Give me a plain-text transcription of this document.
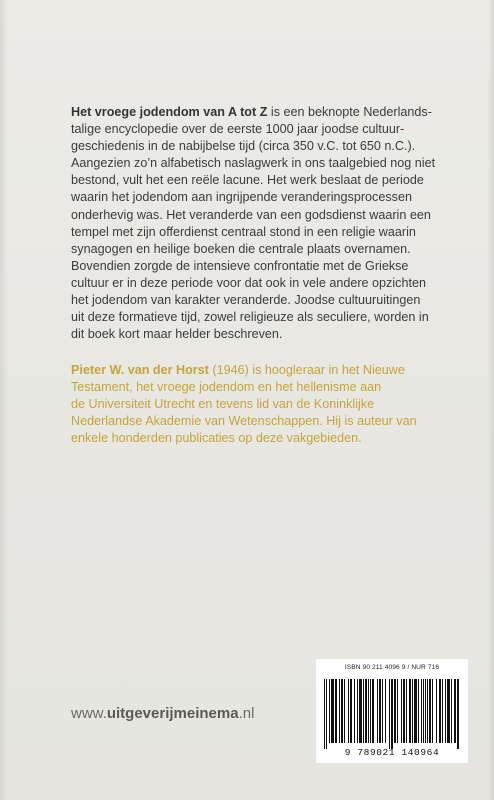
Het vroege jodendom van A tot Z is een beknopte Nederlands-
talige encyclopedie over de eerste 1000 jaar joodse cultuur-
geschiedenis in de nabijbelse tijd (circa 350 v.C. tot 650 n.C.).
Aangezien zo’n alfabetisch naslagwerk in ons taalgebied nog niet
bestond, vult het een reële lacune. Het werk beslaat de periode
waarin het jodendom aan ingrijpende veranderingsprocessen
onderhevig was. Het veranderde van een godsdienst waarin een
tempel met zijn offerdienst centraal stond in een religie waarin
synagogen en heilige boeken die centrale plaats overnamen.
Bovendien zorgde de intensieve confrontatie met de Griekse
cultuur er in deze periode voor dat ook in vele andere opzichten
het jodendom van karakter veranderde. Joodse cultuuruitingen
uit deze formatieve tijd, zowel religieuze als seculiere, worden in
dit boek kort maar helder beschreven.

Pieter W. van der Horst (1946) is hoogleraar in het Nieuwe
Testament, het vroege jodendom en het hellenisme aan
de Universiteit Utrecht en tevens lid van de Koninklijke
Nederlandse Akademie van Wetenschappen. Hij is auteur van
enkele honderden publicaties op deze vakgebieden.

www.uitgeverijmeinema.nl
ISBN 90 211 4096 9 / NUR 716
9 789021 140964
